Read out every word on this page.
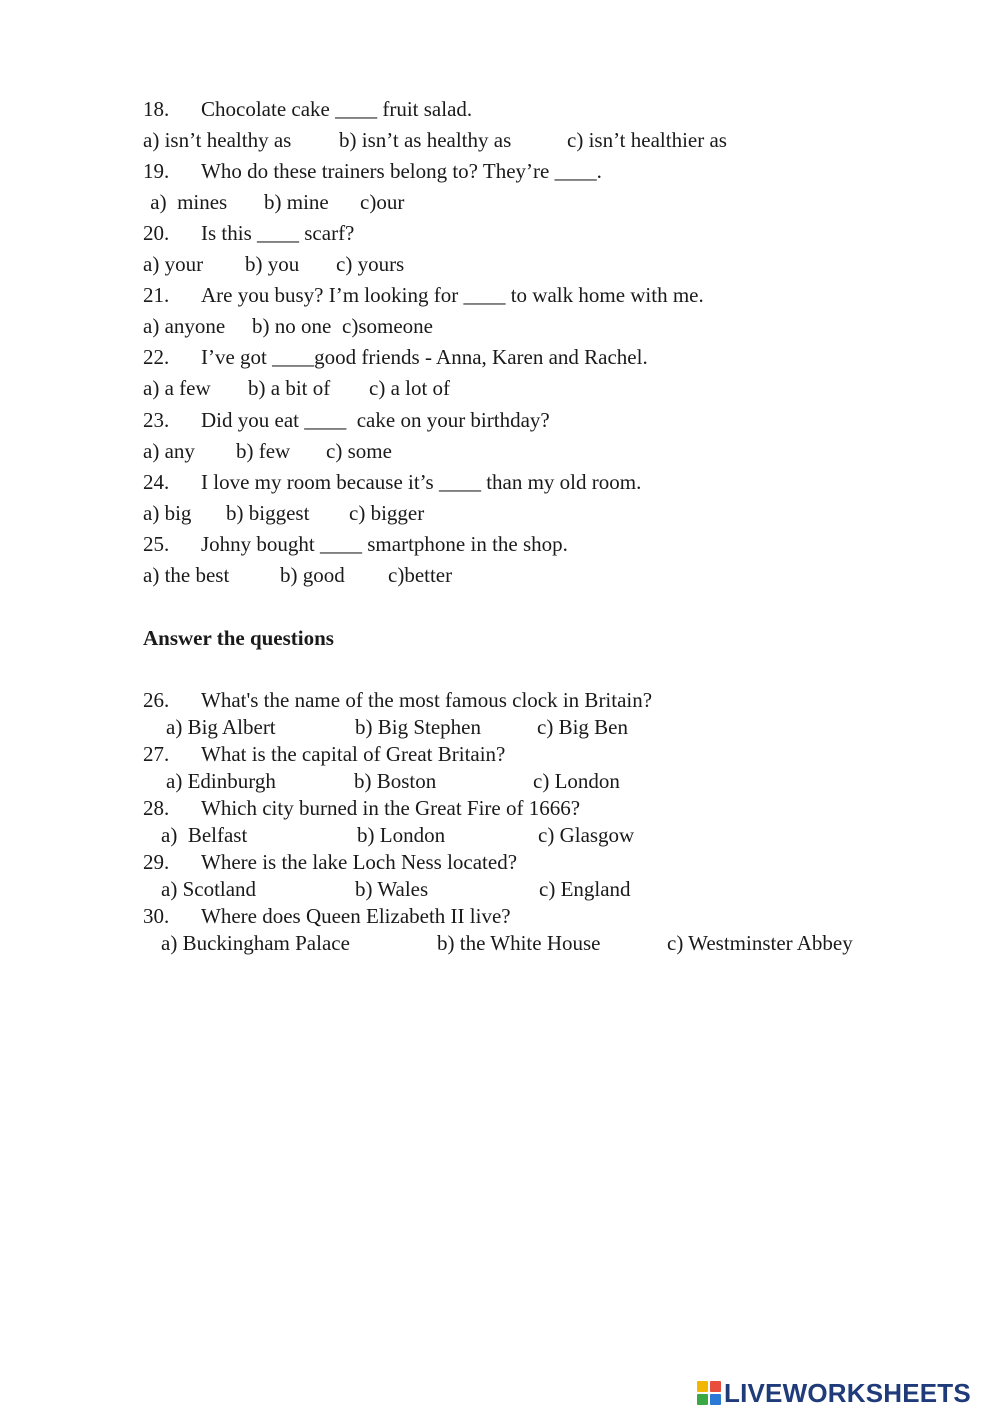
18. Chocolate cake ____ fruit salad.
a) isn’t healthy as b) isn’t as healthy as	c) isn’t healthier as
19. Who do these trainers belong to? They’re ____.
a)  mines b) mine c)our
20. Is this ____ scarf?
a) your b) you c) yours
21. Are you busy? I’m looking for ____ to walk home with me.
a) anyone b) no one c)someone
22. I’ve got ____good friends - Anna, Karen and Rachel.
a) a few b) a bit of c) a lot of
23. Did you eat ____  cake on your birthday?
a) any b) few c) some
24. I love my room because it’s ____ than my old room.
a) big b) biggest c) bigger
25. Johny bought ____ smartphone in the shop.
a) the best b) good c)better
Answer the questions
26. What's the name of the most famous clock in Britain?
a) Big Albert	b) Big Stephen	c) Big Ben
27. What is the capital of Great Britain?
a) Edinburgh	b) Boston	c) London
28. Which city burned in the Great Fire of 1666?
a)  Belfast	b) London	c) Glasgow
29. Where is the lake Loch Ness located?
a) Scotland	b) Wales	c) England
30. Where does Queen Elizabeth II live?
a) Buckingham Palace	b) the White House	c) Westminster Abbey
LIVEWORKSHEETS
